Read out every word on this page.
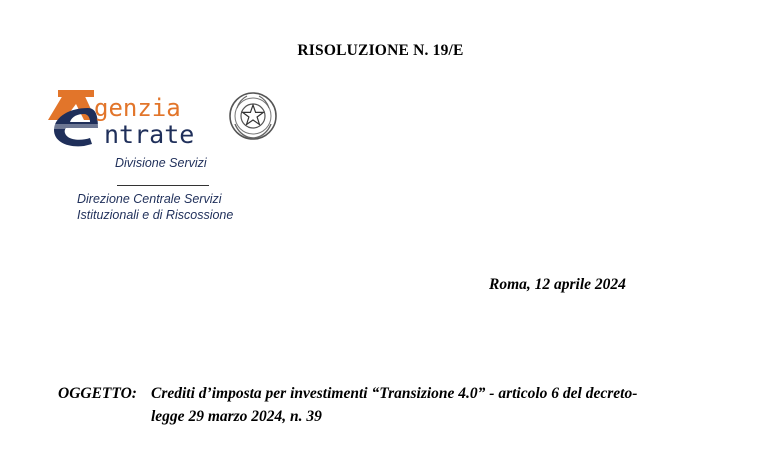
RISOLUZIONE N. 19/E
genzia
ntrate
Divisione Servizi
Direzione Centrale Servizi
Istituzionali e di Riscossione
Roma, 12 aprile 2024
OGGETTO: Crediti d’imposta per investimenti “Transizione 4.0” - articolo 6 del decreto-
legge 29 marzo 2024, n. 39
